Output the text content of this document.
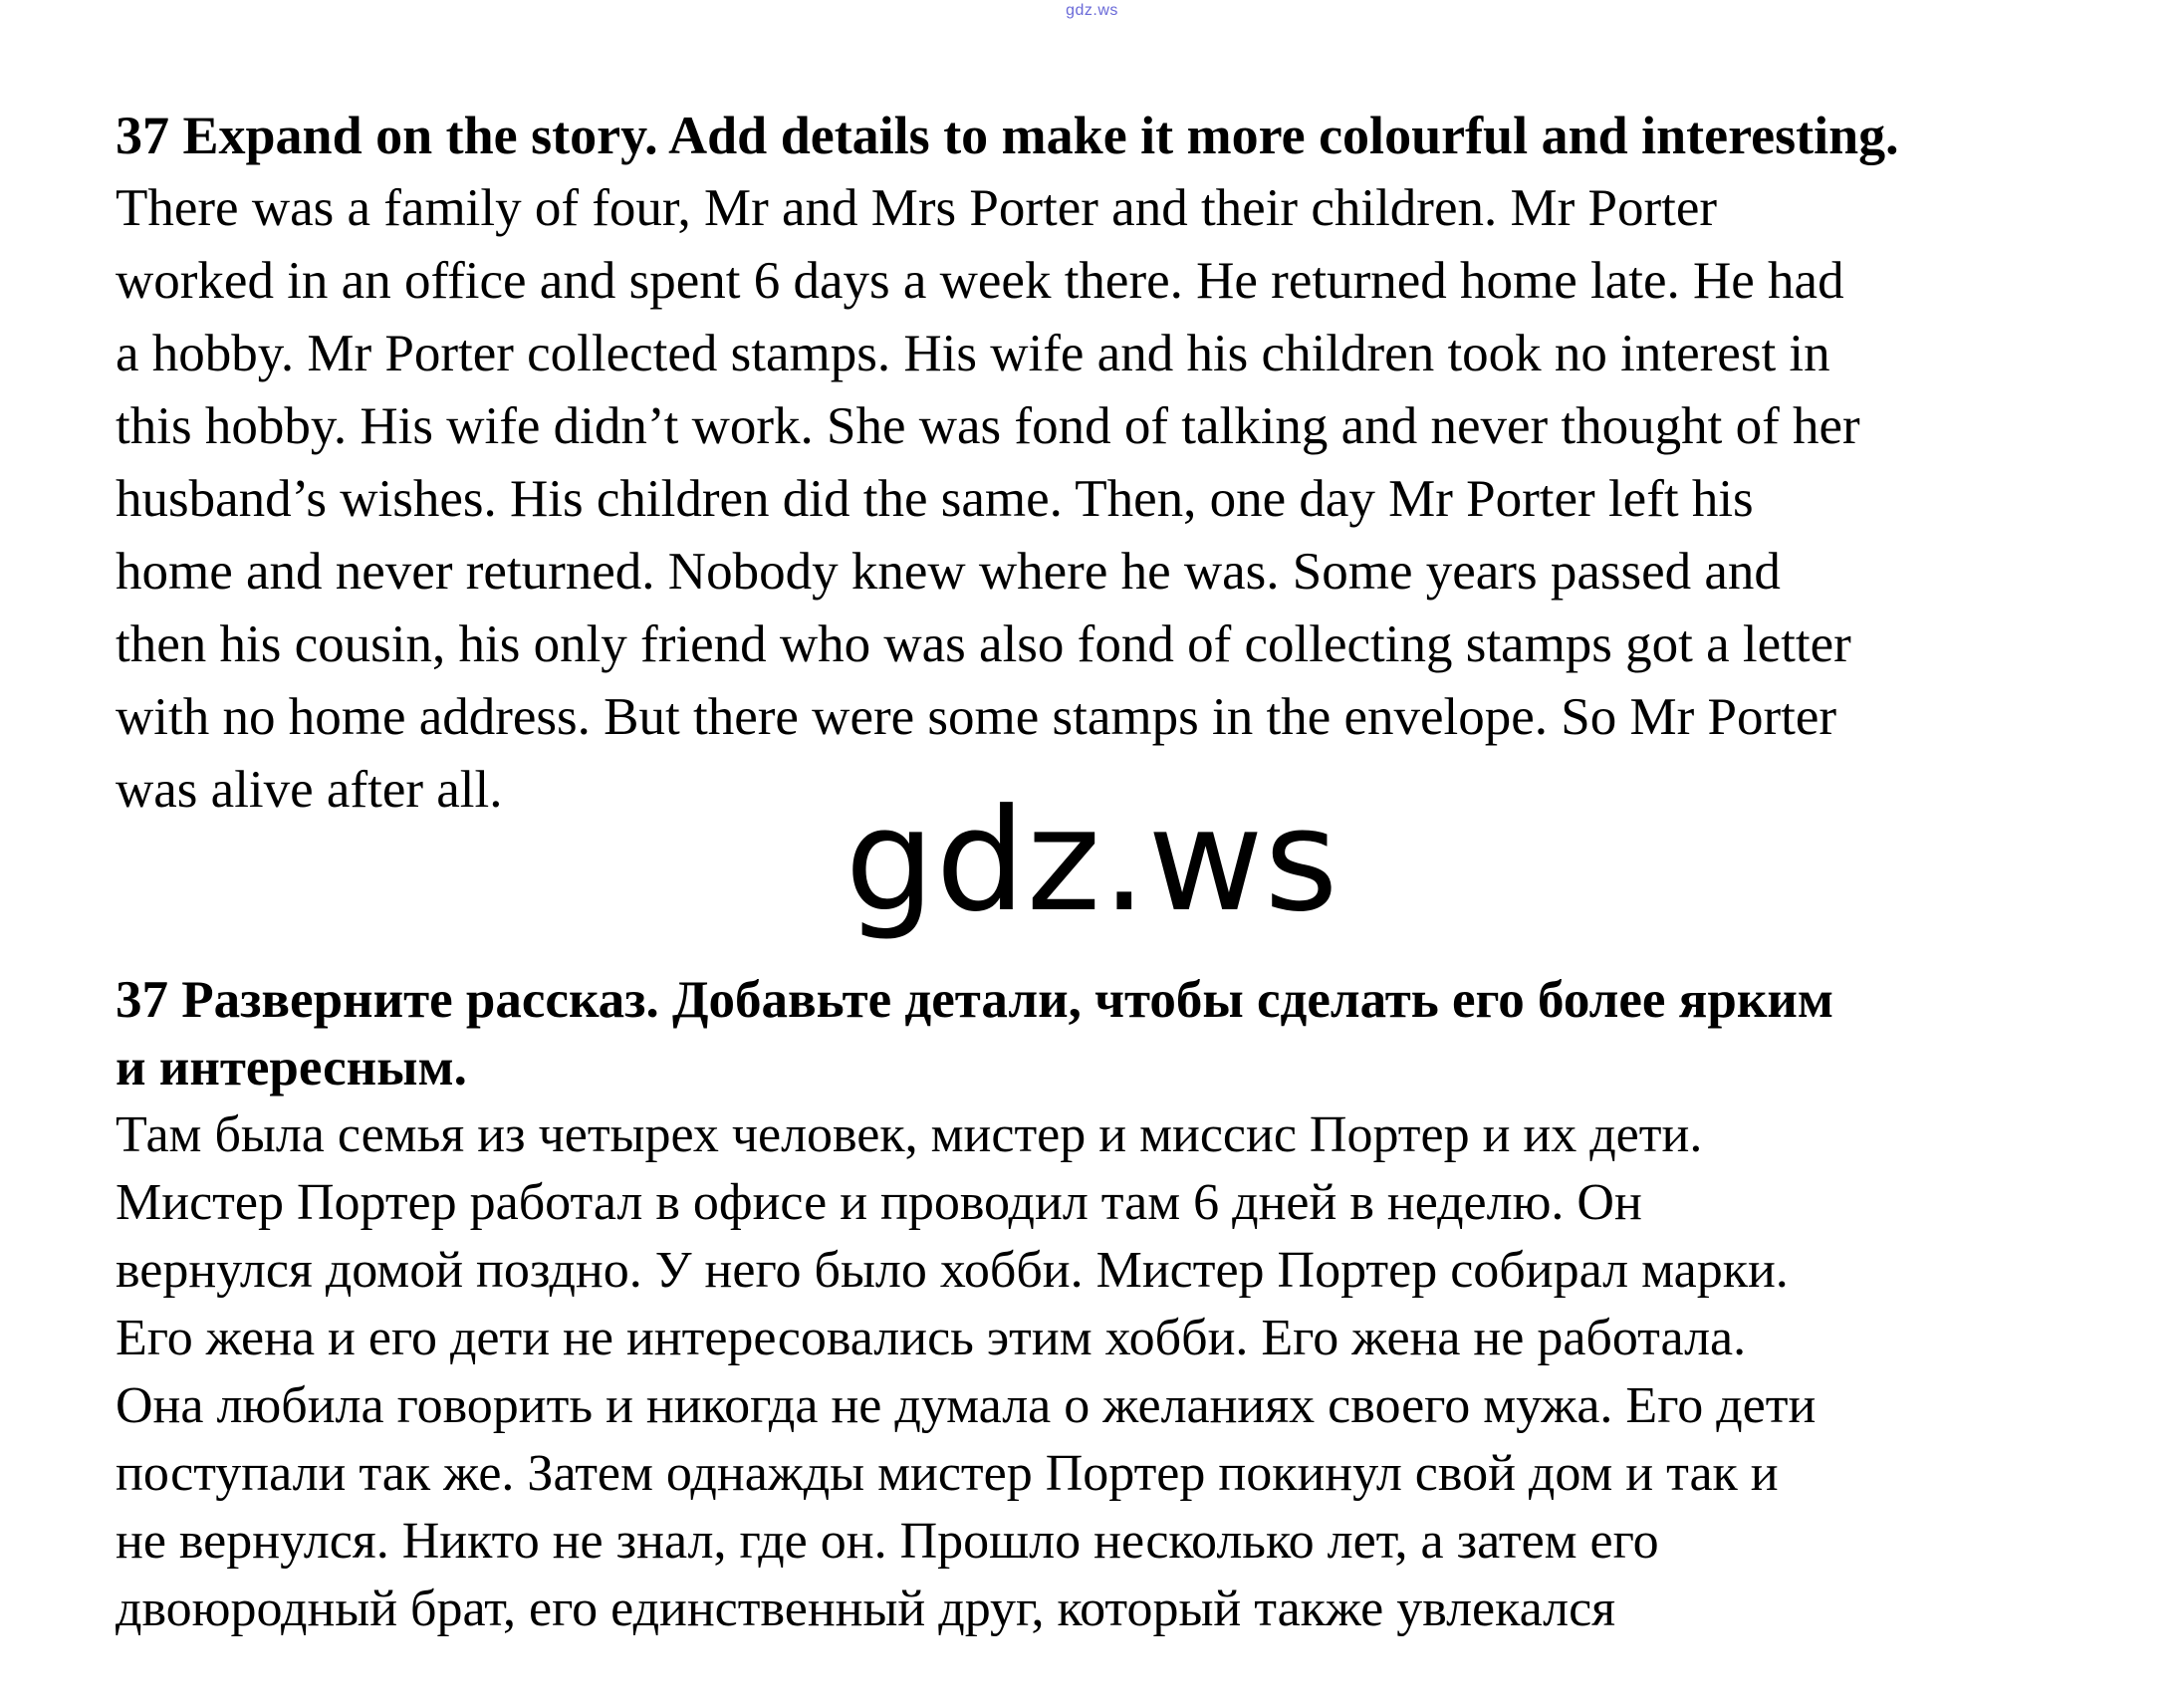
gdz.ws

37 Expand on the story. Add details to make it more colourful and interesting.

There was a family of four, Mr and Mrs Porter and their children. Mr Porter

worked in an office and spent 6 days a week there. He returned home late. He had

a hobby. Mr Porter collected stamps. His wife and his children took no interest in

this hobby. His wife didn’t work. She was fond of talking and never thought of her

husband’s wishes. His children did the same. Then, one day Mr Porter left his

home and never returned. Nobody knew where he was. Some years passed and

then his cousin, his only friend who was also fond of collecting stamps got a letter

with no home address. But there were some stamps in the envelope. So Mr Porter

was alive after all.	gdz.ws

37 Разверните рассказ. Добавьте детали, чтобы сделать его более ярким

и интересным.

Там была семья из четырех человек, мистер и миссис Портер и их дети.

Мистер Портер работал в офисе и проводил там 6 дней в неделю. Он

вернулся домой поздно. У него было хобби. Мистер Портер собирал марки.

Его жена и его дети не интересовались этим хобби. Его жена не работала.

Она любила говорить и никогда не думала о желаниях своего мужа. Его дети

поступали так же. Затем однажды мистер Портер покинул свой дом и так и

не вернулся. Никто не знал, где он. Прошло несколько лет, а затем его

двоюродный брат, его единственный друг, который также увлекался
